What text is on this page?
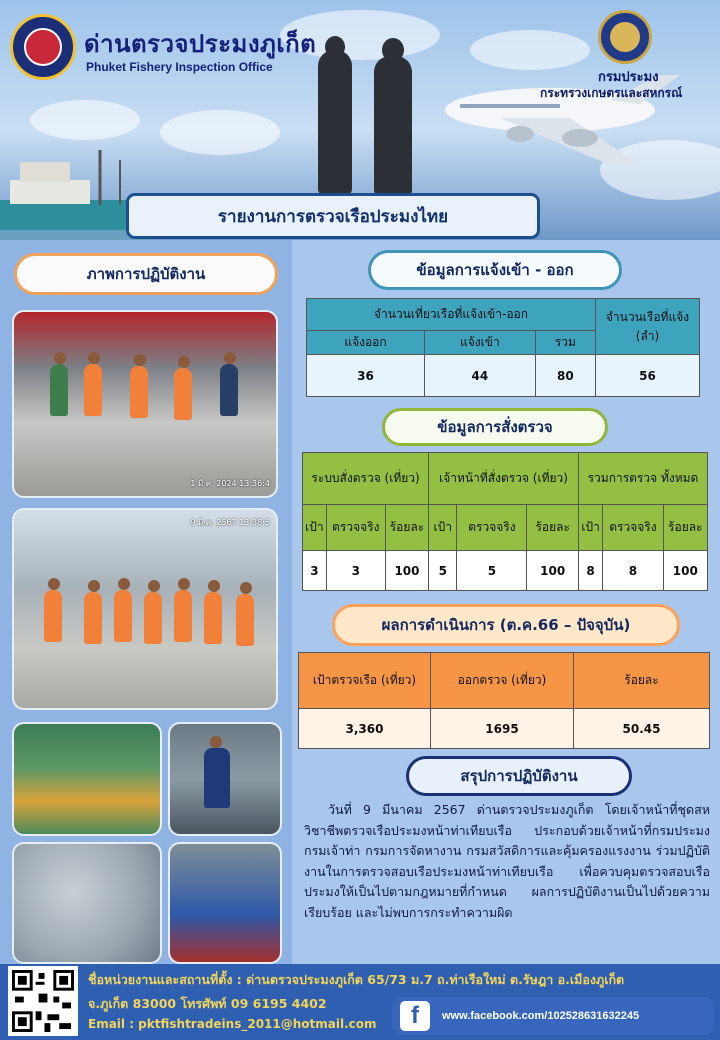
ด่านตรวจประมงภูเก็ต
Phuket Fishery Inspection Office
กรมประมง
กระทรวงเกษตรและสหกรณ์
รายงานการตรวจเรือประมงไทย
ภาพการปฏิบัติงาน
1 มี.ค. 2024 13:36:4
9 มี.ค. 2567 13:38:5
ข้อมูลการแจ้งเข้า - ออก
จำนวนเที่ยวเรือที่แจ้งเข้า-ออก			จำนวนเรือที่แจ้ง (ลำ)
แจ้งออก	แจ้งเข้า	รวม	
36	44	80	56
ข้อมูลการสั่งตรวจ
ระบบสั่งตรวจ (เที่ยว)			เจ้าหน้าที่สั่งตรวจ (เที่ยว)			รวมการตรวจ ทั้งหมด		
เป้า	ตรวจจริง	ร้อยละ	เป้า	ตรวจจริง	ร้อยละ	เป้า	ตรวจจริง	ร้อยละ
3	3	100	5	5	100	8	8	100
ผลการดำเนินการ (ต.ค.66 – ปัจจุบัน)
เป้าตรวจเรือ (เที่ยว)	ออกตรวจ (เที่ยว)	ร้อยละ
3,360	1695	50.45
สรุปการปฏิบัติงาน
วันที่ 9 มีนาคม 2567 ด่านตรวจประมงภูเก็ต โดยเจ้าหน้าที่ชุดสหวิชาชีพตรวจเรือประมงหน้าท่าเทียบเรือ ประกอบด้วยเจ้าหน้าที่กรมประมง กรมเจ้าท่า กรมการจัดหางาน กรมสวัสดิการและคุ้มครองแรงงาน ร่วมปฏิบัติงานในการตรวจสอบเรือประมงหน้าท่าเทียบเรือ เพื่อควบคุมตรวจสอบเรือประมงให้เป็นไปตามกฎหมายที่กำหนด ผลการปฏิบัติงานเป็นไปด้วยความเรียบร้อย และไม่พบการกระทำความผิด
ชื่อหน่วยงานและสถานที่ตั้ง : ด่านตรวจประมงภูเก็ต 65/73 ม.7 ถ.ท่าเรือใหม่ ต.รัษฎา อ.เมืองภูเก็ต
จ.ภูเก็ต 83000 โทรศัพท์ 09 6195 4402
Email : pktfishtradeins_2011@hotmail.com	f	www.facebook.com/102528631632245
